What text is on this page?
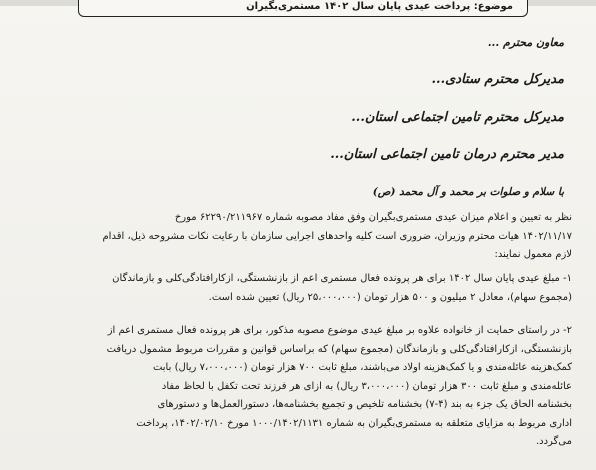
موضوع: پرداخت عیدی پایان سال ۱۴۰۲ مستمری‌بگیران
معاون محترم ...
مدیرکل محترم ستادی...
مدیرکل محترم تامین اجتماعی استان...
مدیر محترم درمان تامین اجتماعی استان...
با سلام و صلوات بر محمد و آل محمد (ص)
نظر به تعیین و اعلام میزان عیدی مستمری‌بگیران وفق مفاد مصوبه شماره ۶۲۲۹۰/۲۱۱۹۶۷ مورخ
۱۴۰۲/۱۱/۱۷ هیات محترم وزیران، ضروری است کلیه واحدهای اجرایی سازمان با رعایت نکات مشروحه ذیل، اقدام
لازم معمول نمایند:
۱- مبلغ عیدی پایان سال ۱۴۰۲ برای هر پرونده فعال مستمری اعم از بازنشستگی، ازکارافتادگی‌کلی و بازماندگان
(مجموع سهام)، معادل ۲ میلیون و ۵۰۰ هزار تومان (۲۵،۰۰۰،۰۰۰ ریال) تعیین شده است.
۲- در راستای حمایت از خانواده علاوه بر مبلغ عیدی موضوع مصوبه مذکور، برای هر پرونده فعال مستمری اعم از
بازنشستگی، ازکارافتادگی‌کلی و بازماندگان (مجموع سهام) که براساس قوانین و مقررات مربوط مشمول دریافت
کمک‌هزینه عائله‌مندی و یا کمک‌هزینه اولاد می‌باشند، مبلغ ثابت ۷۰۰ هزار تومان (۷،۰۰۰،۰۰۰ ریال) بابت
عائله‌مندی و مبلغ ثابت ۳۰۰ هزار تومان (۳،۰۰۰،۰۰۰ ریال) به ازای هر فرزند تحت تکفل با لحاظ مفاد
بخشنامه الحاق یک جزء به بند (۴-۷) بخشنامه تلخیص و تجمیع بخشنامه‌ها، دستورالعمل‌ها و دستورهای
اداری مربوط به مزایای متعلقه به مستمری‌بگیران به شماره ۱۰۰۰/۱۴۰۲/۱۱۳۱ مورخ ۱۴۰۲/۰۲/۱۰، پرداخت
می‌گردد.
